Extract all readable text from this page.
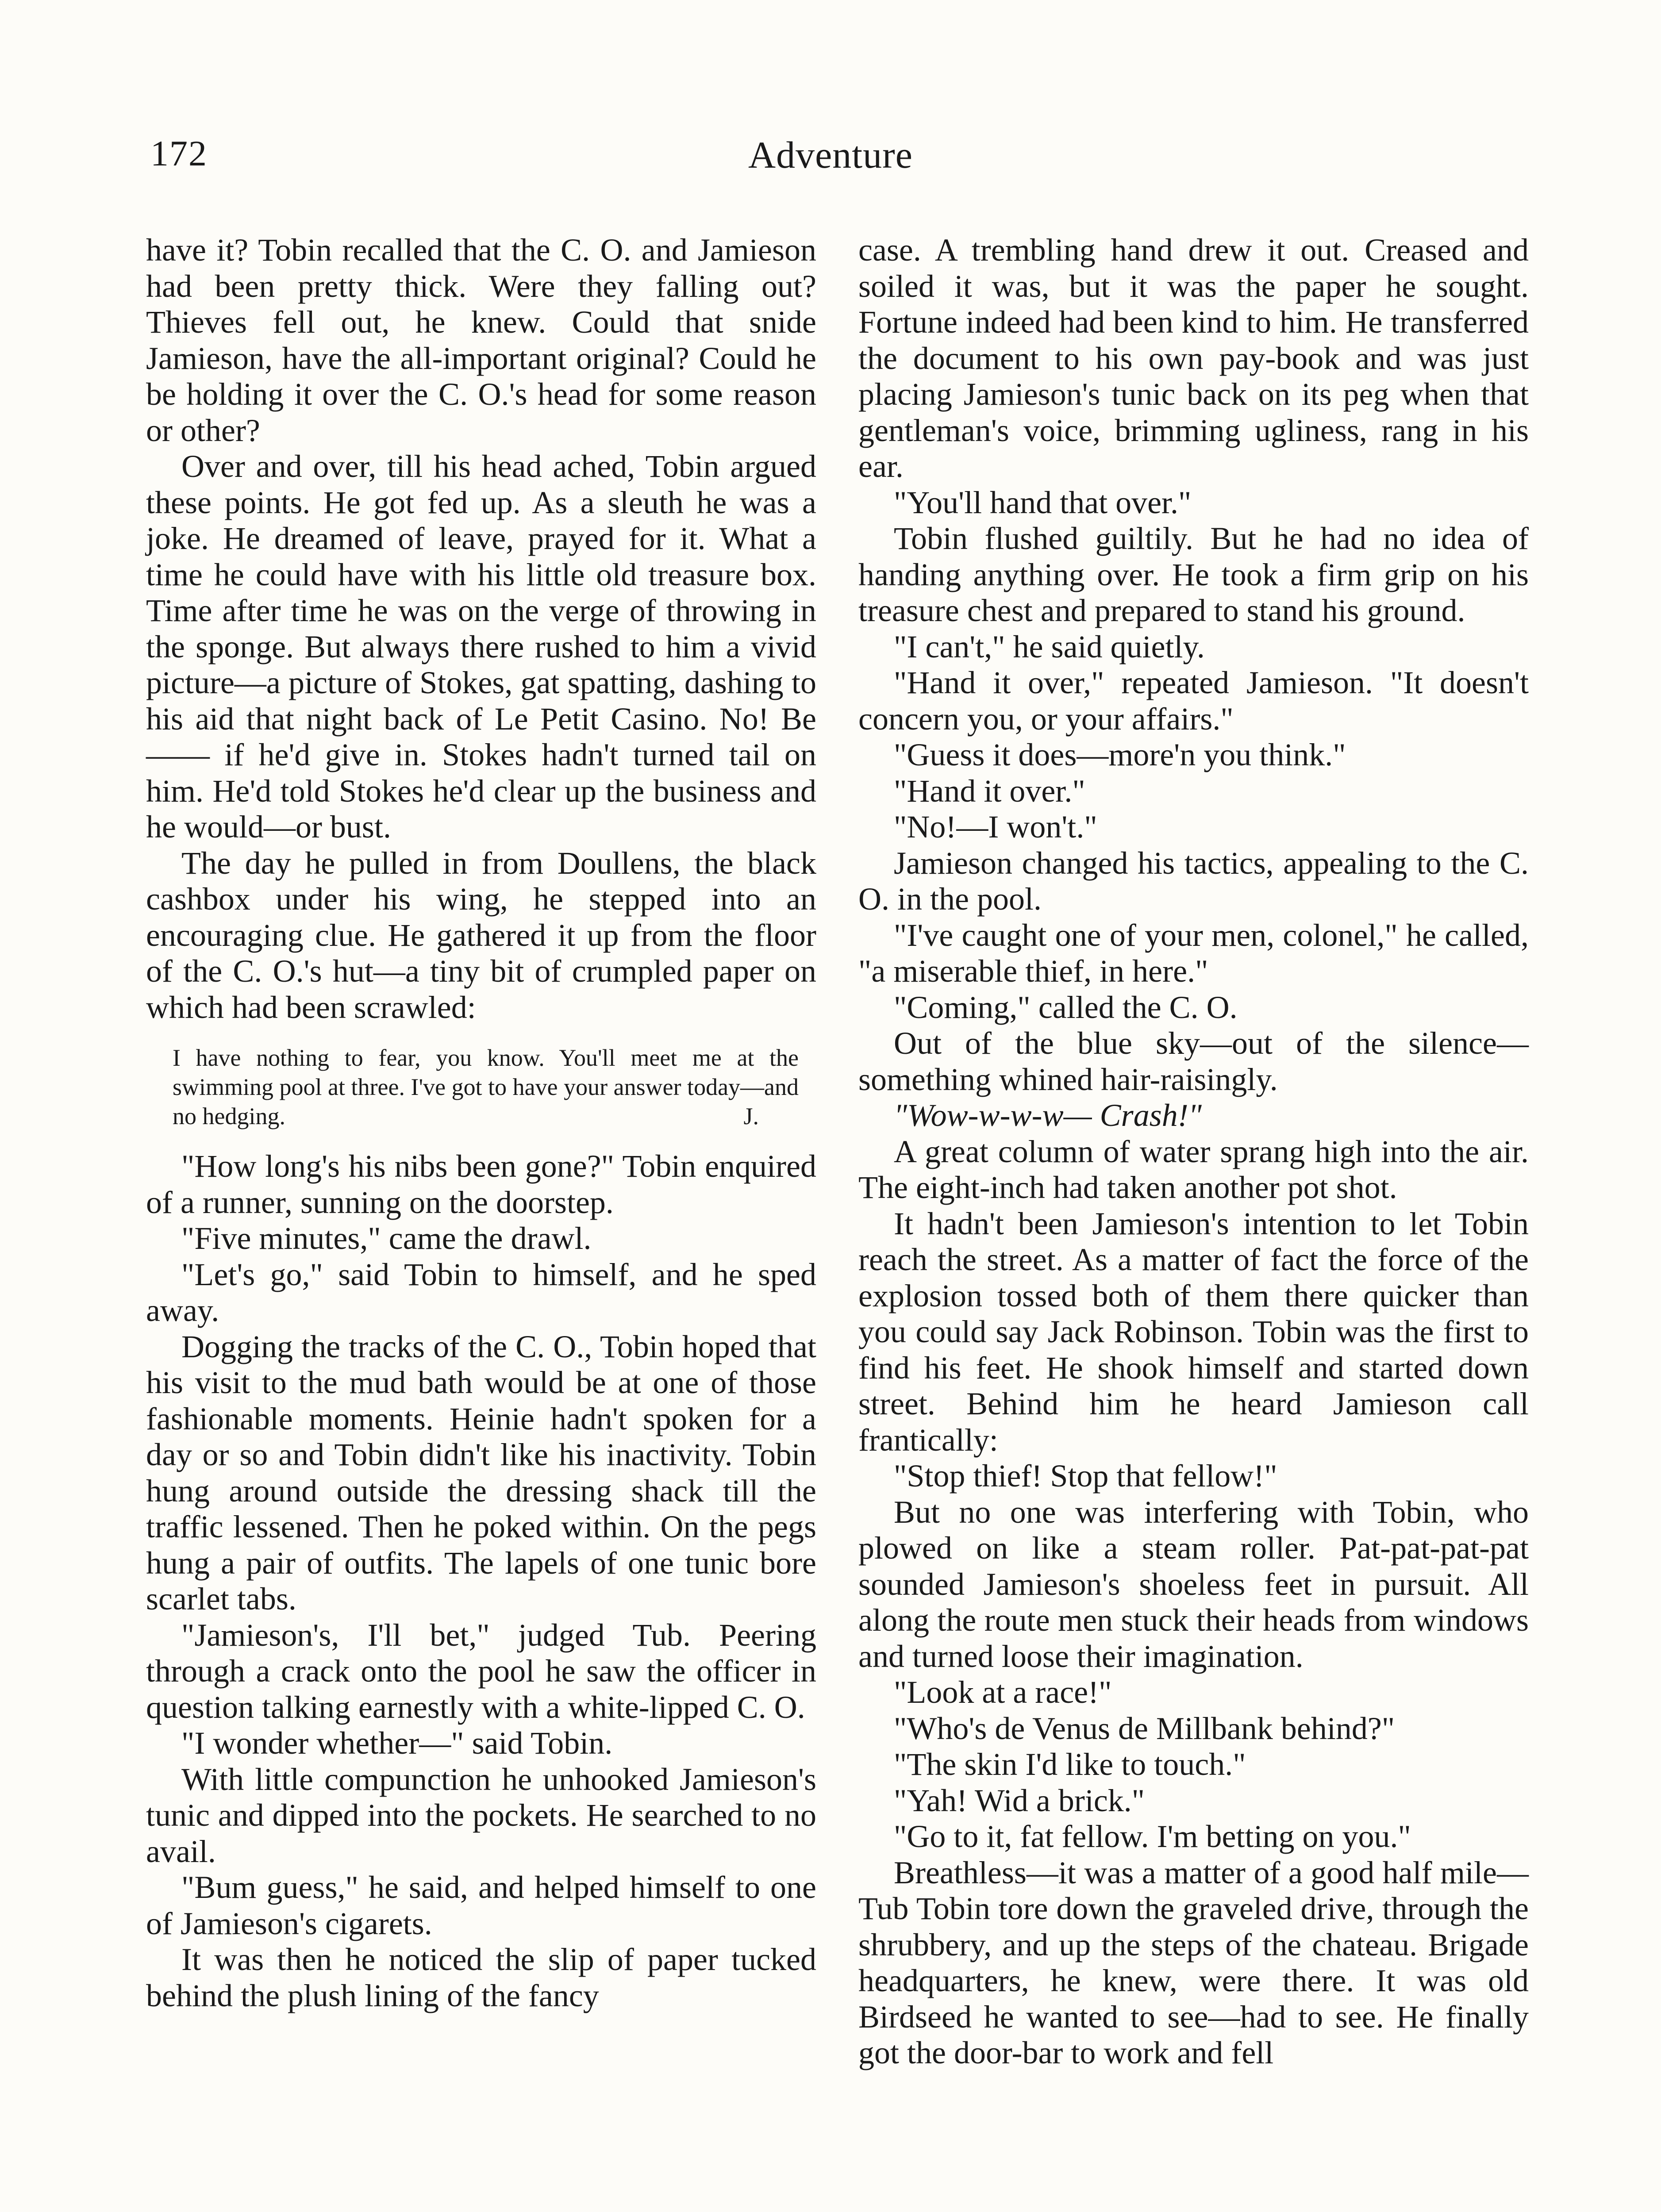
172	Adventure

have it? Tobin recalled that the C. O. and Jamieson had been pretty thick. Were they falling out? Thieves fell out, he knew. Could that snide Jamieson, have the all-important original? Could he be holding it over the C. O.'s head for some reason or other?

Over and over, till his head ached, Tobin argued these points. He got fed up. As a sleuth he was a joke. He dreamed of leave, prayed for it. What a time he could have with his little old treasure box. Time after time he was on the verge of throwing in the sponge. But always there rushed to him a vivid picture—a picture of Stokes, gat spatting, dashing to his aid that night back of Le Petit Casino. No! Be —— if he'd give in. Stokes hadn't turned tail on him. He'd told Stokes he'd clear up the business and he would—or bust.

The day he pulled in from Doullens, the black cashbox under his wing, he stepped into an encouraging clue. He gathered it up from the floor of the C. O.'s hut—a tiny bit of crumpled paper on which had been scrawled:

I have nothing to fear, you know. You'll meet me at the swimming pool at three. I've got to have your answer today—and no hedging.	J.

"How long's his nibs been gone?" Tobin enquired of a runner, sunning on the doorstep.

"Five minutes," came the drawl.

"Let's go," said Tobin to himself, and he sped away.

Dogging the tracks of the C. O., Tobin hoped that his visit to the mud bath would be at one of those fashionable moments. Heinie hadn't spoken for a day or so and Tobin didn't like his inactivity. Tobin hung around outside the dressing shack till the traffic lessened. Then he poked within. On the pegs hung a pair of outfits. The lapels of one tunic bore scarlet tabs.

"Jamieson's, I'll bet," judged Tub. Peering through a crack onto the pool he saw the officer in question talking earnestly with a white-lipped C. O.

"I wonder whether—" said Tobin.

With little compunction he unhooked Jamieson's tunic and dipped into the pockets. He searched to no avail.

"Bum guess," he said, and helped himself to one of Jamieson's cigarets.

It was then he noticed the slip of paper tucked behind the plush lining of the fancy

case. A trembling hand drew it out. Creased and soiled it was, but it was the paper he sought. Fortune indeed had been kind to him. He transferred the document to his own pay-book and was just placing Jamieson's tunic back on its peg when that gentleman's voice, brimming ugliness, rang in his ear.

"You'll hand that over."

Tobin flushed guiltily. But he had no idea of handing anything over. He took a firm grip on his treasure chest and prepared to stand his ground.

"I can't," he said quietly.

"Hand it over," repeated Jamieson. "It doesn't concern you, or your affairs."

"Guess it does—more'n you think."

"Hand it over."

"No!—I won't."

Jamieson changed his tactics, appealing to the C. O. in the pool.

"I've caught one of your men, colonel," he called, "a miserable thief, in here."

"Coming," called the C. O.

Out of the blue sky—out of the silence—something whined hair-raisingly.

"Wow-w-w-w— Crash!"

A great column of water sprang high into the air. The eight-inch had taken another pot shot.

It hadn't been Jamieson's intention to let Tobin reach the street. As a matter of fact the force of the explosion tossed both of them there quicker than you could say Jack Robinson. Tobin was the first to find his feet. He shook himself and started down street. Behind him he heard Jamieson call frantically:

"Stop thief! Stop that fellow!"

But no one was interfering with Tobin, who plowed on like a steam roller. Pat-pat-pat-pat sounded Jamieson's shoeless feet in pursuit. All along the route men stuck their heads from windows and turned loose their imagination.

"Look at a race!"

"Who's de Venus de Millbank behind?"

"The skin I'd like to touch."

"Yah! Wid a brick."

"Go to it, fat fellow. I'm betting on you."

Breathless—it was a matter of a good half mile—Tub Tobin tore down the graveled drive, through the shrubbery, and up the steps of the chateau. Brigade headquarters, he knew, were there. It was old Birdseed he wanted to see—had to see. He finally got the door-bar to work and fell
